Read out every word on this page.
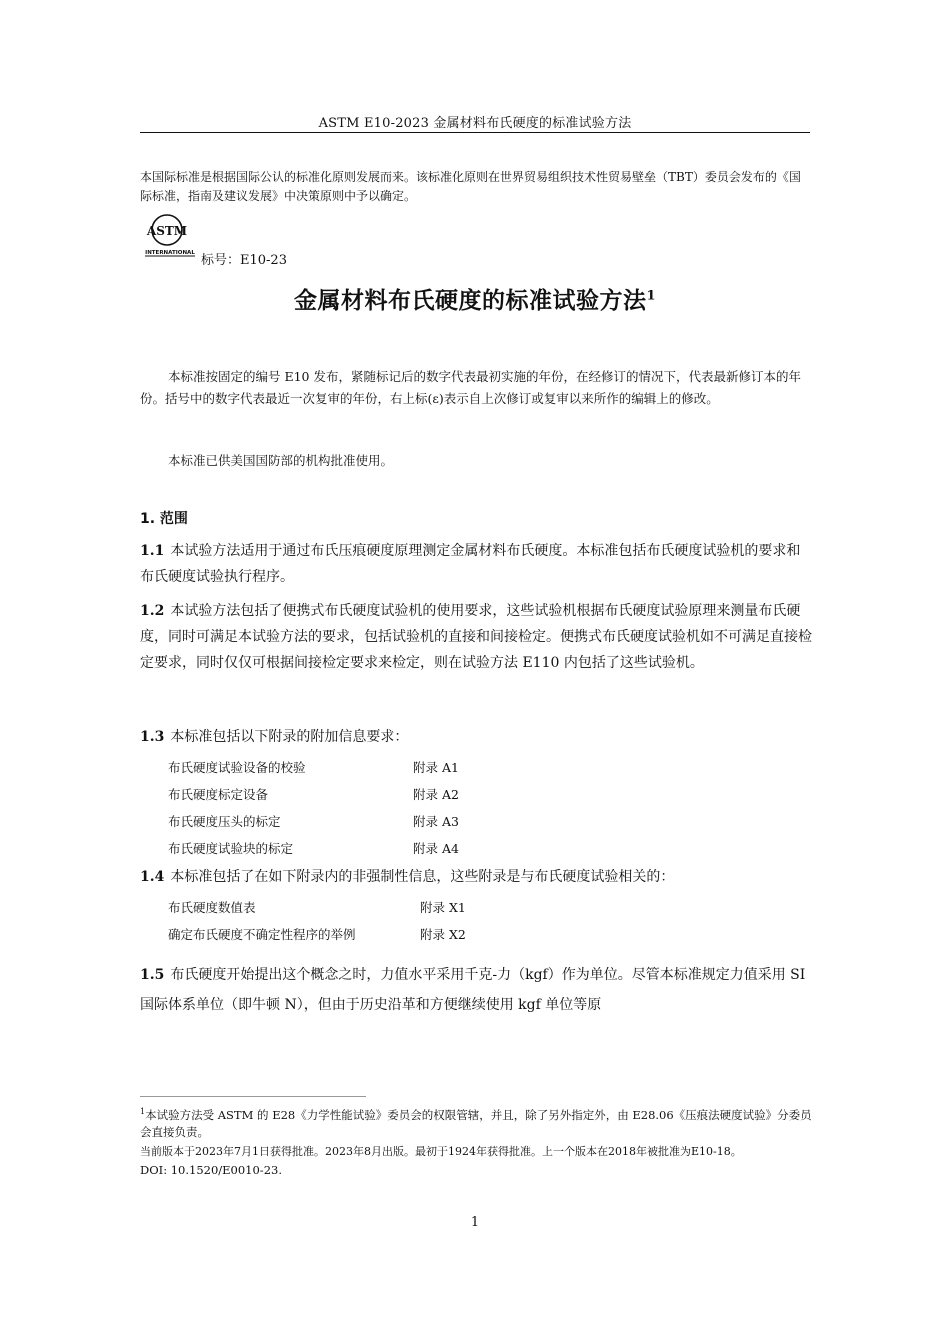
ASTM E10-2023 金属材料布氏硬度的标准试验方法
本国际标准是根据国际公认的标准化原则发展而来。该标准化原则在世界贸易组织技术性贸易壁垒（TBT）委员会发布的《国际标准，指南及建议发展》中决策原则中予以确定。
ASTM
INTERNATIONAL 标号：E10-23
金属材料布氏硬度的标准试验方法$^1$
本标准按固定的编号 E10 发布，紧随标记后的数字代表最初实施的年份，在经修订的情况下，代表最新修订本的年份。括号中的数字代表最近一次复审的年份，右上标(ε)表示自上次修订或复审以来所作的编辑上的修改。
本标准已供美国国防部的机构批准使用。
1. 范围
1.1 本试验方法适用于通过布氏压痕硬度原理测定金属材料布氏硬度。本标准包括布氏硬度试验机的要求和布氏硬度试验执行程序。
1.2 本试验方法包括了便携式布氏硬度试验机的使用要求，这些试验机根据布氏硬度试验原理来测量布氏硬度，同时可满足本试验方法的要求，包括试验机的直接和间接检定。便携式布氏硬度试验机如不可满足直接检定要求，同时仅仅可根据间接检定要求来检定，则在试验方法 E110 内包括了这些试验机。
1.3 本标准包括以下附录的附加信息要求：
布氏硬度试验设备的校验	附录 A1
布氏硬度标定设备	附录 A2
布氏硬度压头的标定	附录 A3
布氏硬度试验块的标定	附录 A4
1.4 本标准包括了在如下附录内的非强制性信息，这些附录是与布氏硬度试验相关的：
布氏硬度数值表	附录 X1
确定布氏硬度不确定性程序的举例	附录 X2
1.5 布氏硬度开始提出这个概念之时，力值水平采用千克-力（kgf）作为单位。尽管本标准规定力值采用 SI 国际体系单位（即牛顿 N），但由于历史沿革和方便继续使用 kgf 单位等原
$^1$本试验方法受 ASTM 的 E28《力学性能试验》委员会的权限管辖，并且，除了另外指定外，由 E28.06《压痕法硬度试验》分委员会直接负责。
当前版本于2023年7月1日获得批准。2023年8月出版。最初于1924年获得批准。上一个版本在2018年被批准为E10-18。
DOI: 10.1520/E0010-23.
1
